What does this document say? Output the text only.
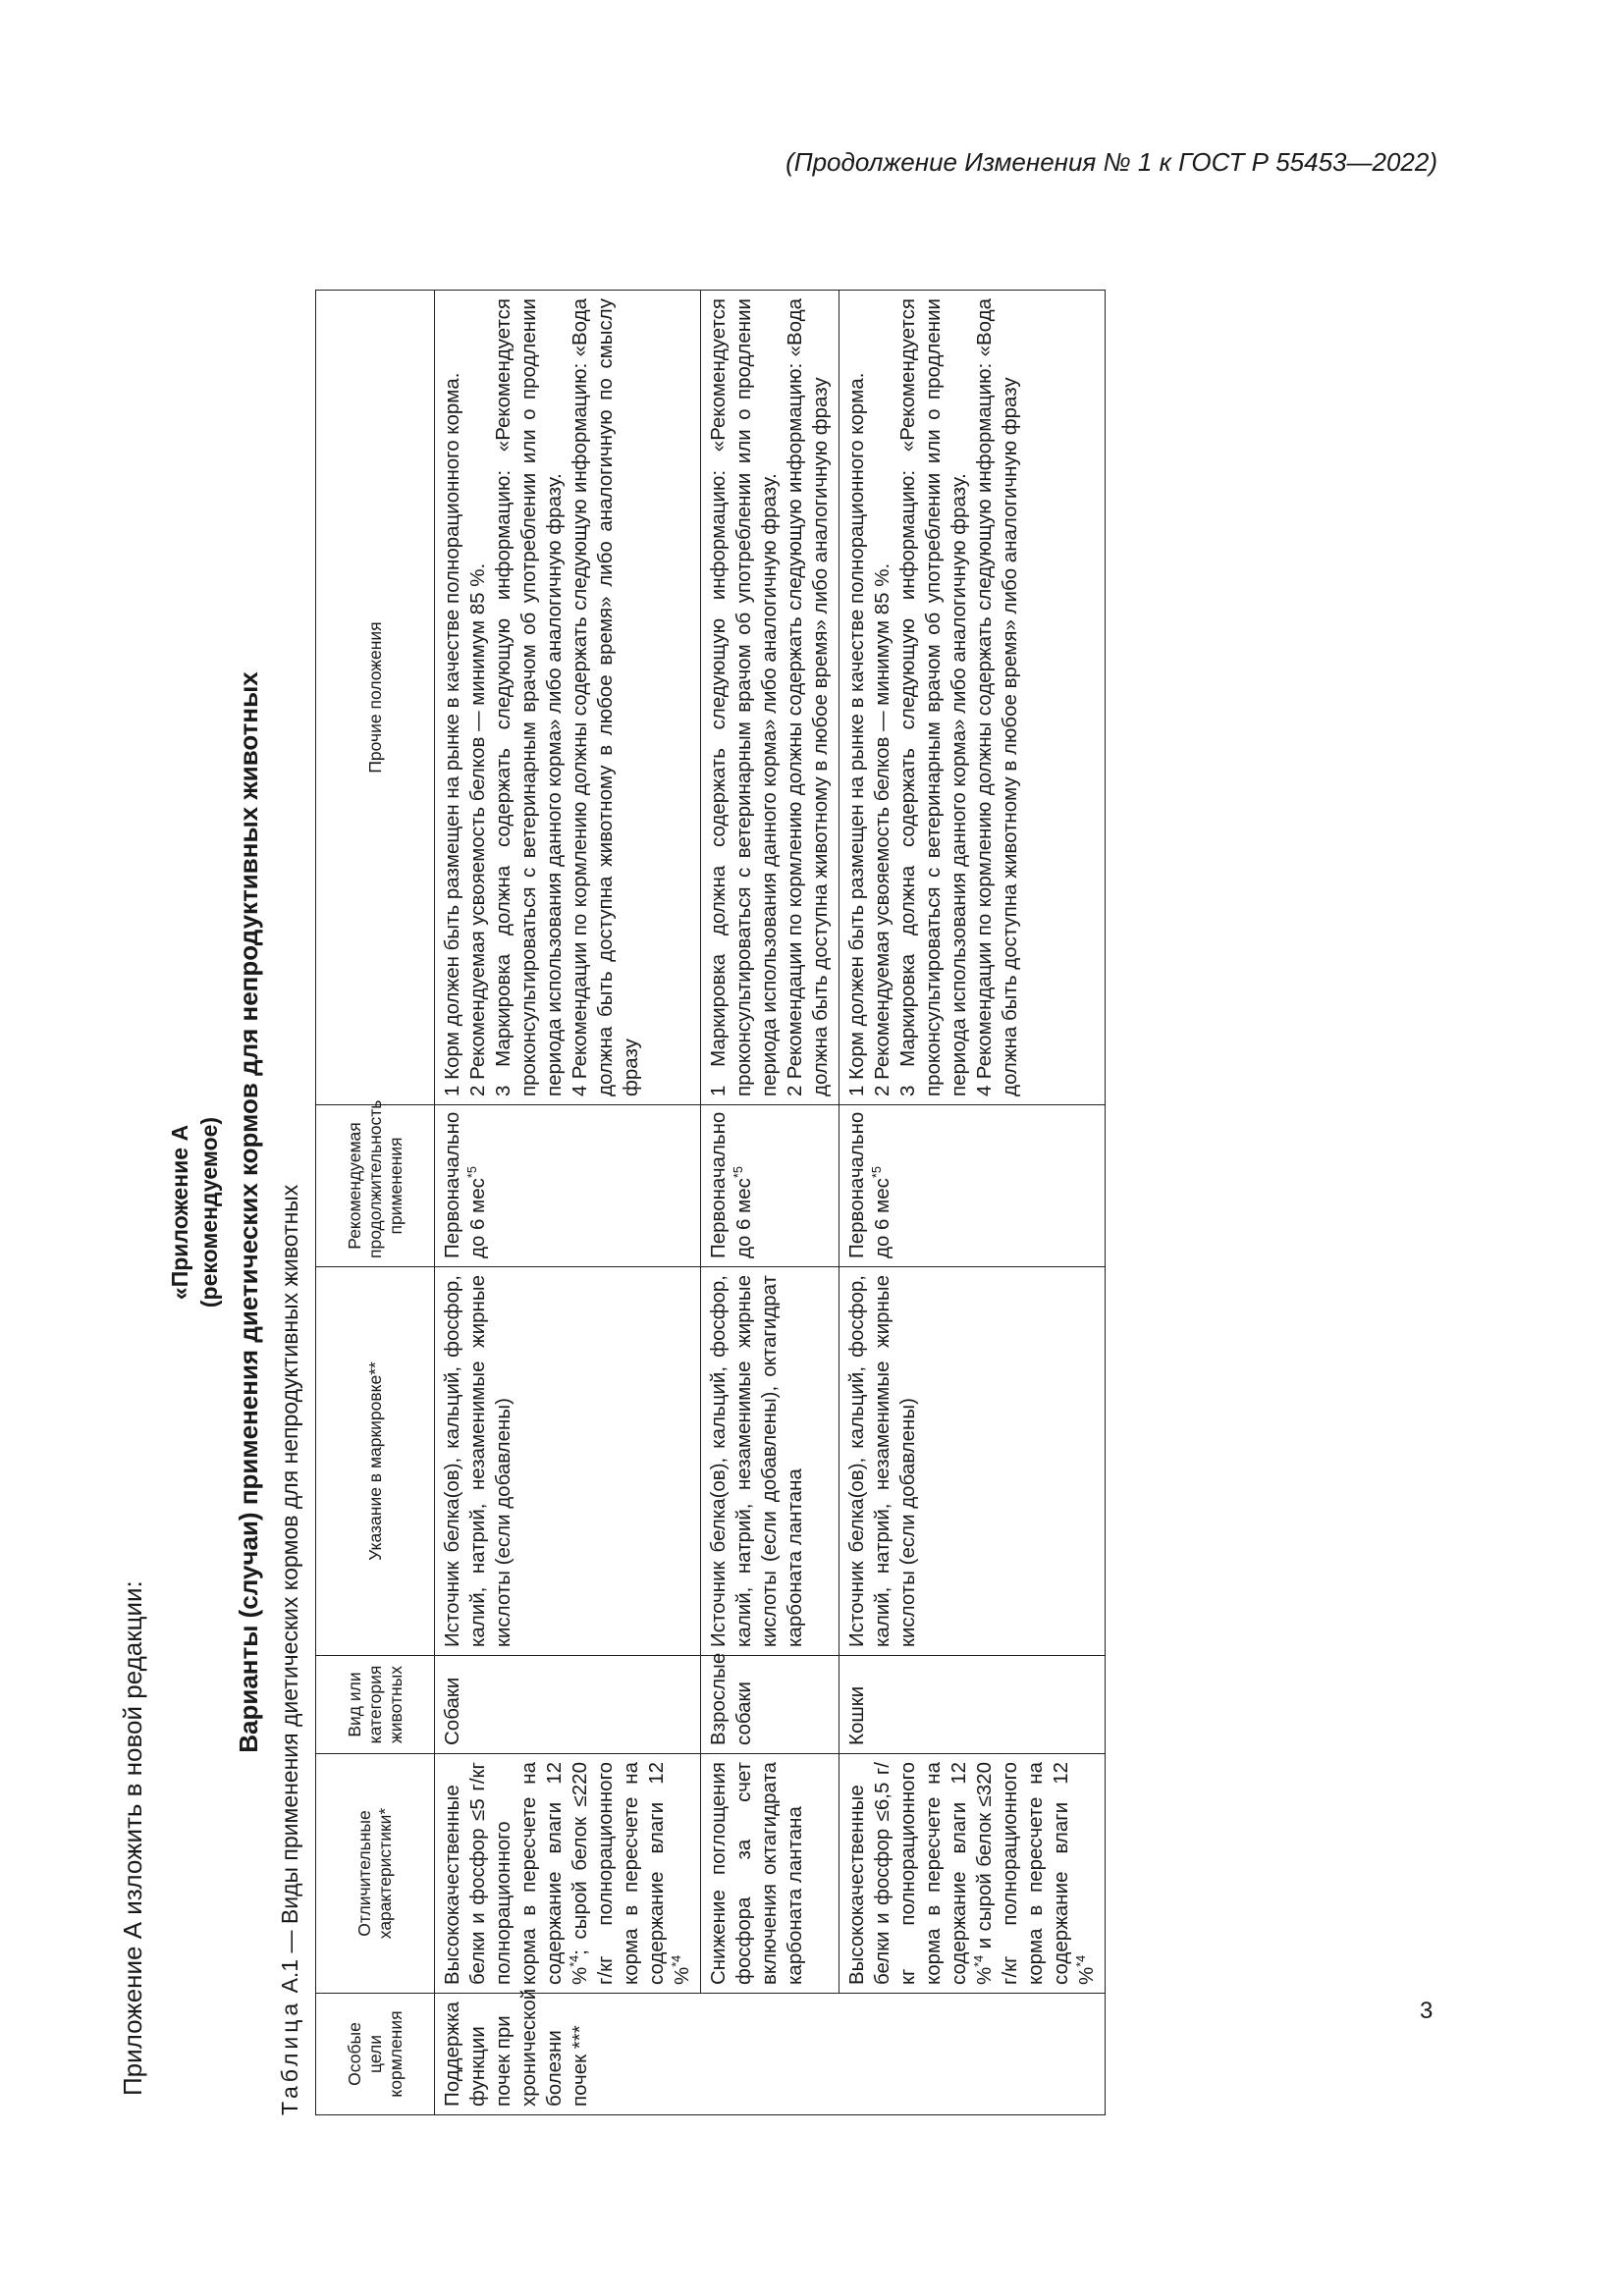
(Продолжение Изменения № 1 к ГОСТ Р 55453—2022)
Приложение А изложить в новой редакции:
«Приложение А (рекомендуемое) Варианты (случаи) применения диетических кормов для непродуктивных животных
Таблица А.1 — Виды применения диетических кормов для непродуктивных животных
Особые цели кормления	Отличительные характеристики*	Вид или категория животных	Указание в маркировке**	Рекомендуемая продолжительность применения	Прочие положения
Поддержка функции почек при хронической болезни почек ***	Высококачественные белки и фосфор ≤5 г/кг полнорационного корма в пересчете на содержание влаги 12 %$^{*4}$; сырой белок ≤220 г/кг полнорационного корма в пересчете на содержание влаги 12 %$^{*4}$	Собаки	Источник белка(ов), кальций, фосфор, калий, натрий, незаменимые жирные кислоты (если добавлены)	Первоначально до 6 мес$^{*5}$	1 Корм должен быть размещен на рынке в качестве полнорационного корма. 2 Рекомендуемая усвояемость белков — минимум 85 %. 3 Маркировка должна содержать следующую информацию: «Рекомендуется проконсультироваться с ветеринарным врачом об употреблении или о продлении периода использования данного корма» либо аналогичную фразу. 4 Рекомендации по кормлению должны содержать следующую информацию: «Вода должна быть доступна животному в любое время» либо аналогичную по смыслу фразу

	Снижение поглощения фосфора за счет включения октагидрата карбоната лантана	Взрослые собаки	Источник белка(ов), кальций, фосфор, калий, натрий, незаменимые жирные кислоты (если добавлены), октагидрат карбоната лантана	Первоначально до 6 мес$^{*5}$	1 Маркировка должна содержать следующую информацию: «Рекомендуется проконсультироваться с ветеринарным врачом об употреблении или о продлении периода использования данного корма» либо аналогичную фразу. 2 Рекомендации по кормлению должны содержать следующую информацию: «Вода должна быть доступна животному в любое время» либо аналогичную фразу

	Высококачественные белки и фосфор ≤6,5 г/кг полнорационного корма в пересчете на содержание влаги 12 %$^{*4}$ и сырой белок ≤320 г/кг полнорационного корма в пересчете на содержание влаги 12 %$^{*4}$	Кошки	Источник белка(ов), кальций, фосфор, калий, натрий, незаменимые жирные кислоты (если добавлены)	Первоначально до 6 мес$^{*5}$	1 Корм должен быть размещен на рынке в качестве полнорационного корма. 2 Рекомендуемая усвояемость белков — минимум 85 %. 3 Маркировка должна содержать следующую информацию: «Рекомендуется проконсультироваться с ветеринарным врачом об употреблении или о продлении периода использования данного корма» либо аналогичную фразу. 4 Рекомендации по кормлению должны содержать следующую информацию: «Вода должна быть доступна животному в любое время» либо аналогичную фразу
3
